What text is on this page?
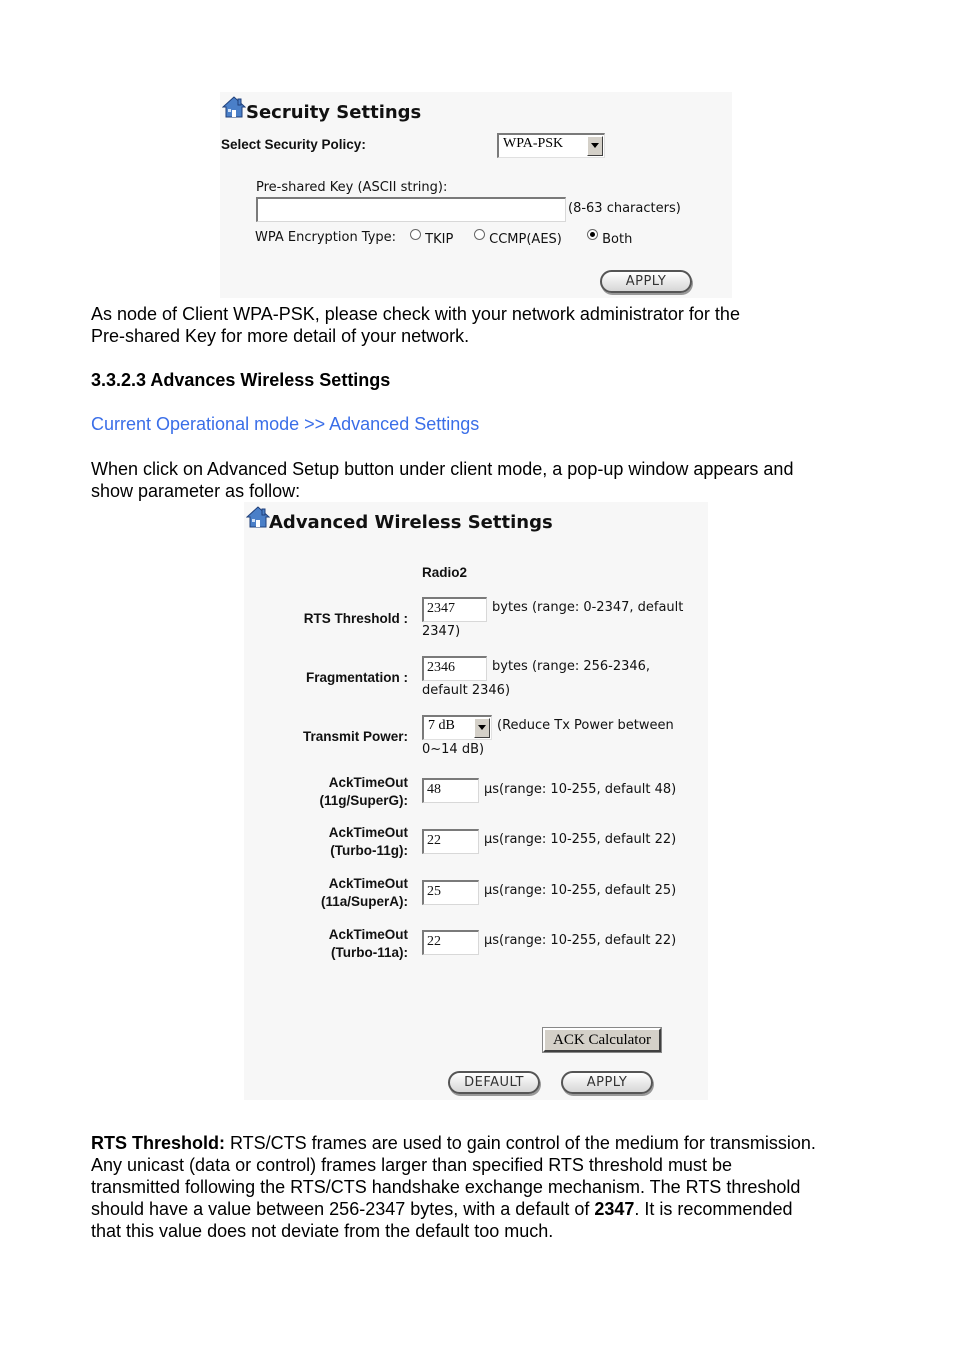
Secruity Settings
Select Security Policy:	WPA-PSK
Pre-shared Key (ASCII string):
(8-63 characters)
WPA Encryption Type:	TKIP	CCMP(AES)	Both
APPLY
As node of Client WPA-PSK, please check with your network administrator for the
Pre-shared Key for more detail of your network.
3.3.2.3 Advances Wireless Settings
Current Operational mode >> Advanced Settings
When click on Advanced Setup button under client mode, a pop-up window appears and
show parameter as follow:
Advanced Wireless Settings
Radio2
RTS Threshold :
2347	bytes (range: 0-2347, default
2347)
Fragmentation :
2346	bytes (range: 256-2346,
default 2346)
Transmit Power:
7 dB	(Reduce Tx Power between
0~14 dB)
AckTimeOut
(11g/SuperG):
48	μs(range: 10-255, default 48)
AckTimeOut
(Turbo-11g):
22	μs(range: 10-255, default 22)
AckTimeOut
(11a/SuperA):
25	μs(range: 10-255, default 25)
AckTimeOut
(Turbo-11a):
22	μs(range: 10-255, default 22)
ACK Calculator
DEFAULT	APPLY
RTS Threshold: RTS/CTS frames are used to gain control of the medium for transmission.
Any unicast (data or control) frames larger than specified RTS threshold must be
transmitted following the RTS/CTS handshake exchange mechanism. The RTS threshold
should have a value between 256-2347 bytes, with a default of 2347. It is recommended
that this value does not deviate from the default too much.
